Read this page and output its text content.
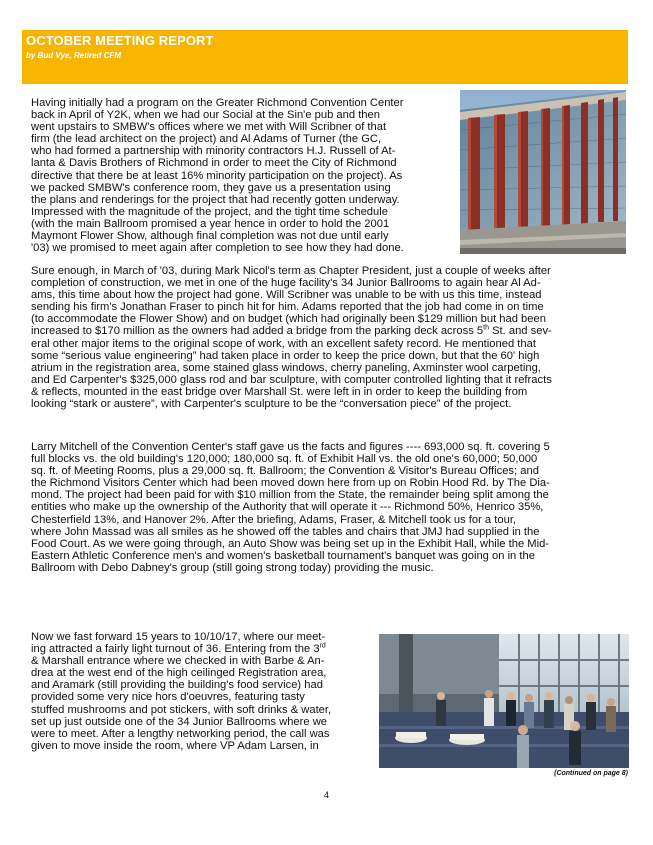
OCTOBER MEETING REPORT
by Bud Vye, Retired CFM

Having initially had a program on the Greater Richmond Convention Center
back in April of Y2K, when we had our Social at the Sin'e pub and then
went upstairs to SMBW's offices where we met with Will Scribner of that
firm (the lead architect on the project) and Al Adams of Turner (the GC,
who had formed a partnership with minority contractors H.J. Russell of At-
lanta & Davis Brothers of Richmond in order to meet the City of Richmond
directive that there be at least 16% minority participation on the project). As
we packed SMBW's conference room, they gave us a presentation using
the plans and renderings for the project that had recently gotten underway.
Impressed with the magnitude of the project, and the tight time schedule
(with the main Ballroom promised a year hence in order to hold the 2001
Maymont Flower Show, although final completion was not due until early
'03) we promised to meet again after completion to see how they had done.

Sure enough, in March of '03, during Mark Nicol's term as Chapter President, just a couple of weeks after
completion of construction, we met in one of the huge facility's 34 Junior Ballrooms to again hear Al Ad-
ams, this time about how the project had gone. Will Scribner was unable to be with us this time, instead
sending his firm's Jonathan Fraser to pinch hit for him. Adams reported that the job had come in on time
(to accommodate the Flower Show) and on budget (which had originally been $129 million but had been
increased to $170 million as the owners had added a bridge from the parking deck across 5th St. and sev-
eral other major items to the original scope of work, with an excellent safety record. He mentioned that
some “serious value engineering” had taken place in order to keep the price down, but that the 60' high
atrium in the registration area, some stained glass windows, cherry paneling, Axminster wool carpeting,
and Ed Carpenter's $325,000 glass rod and bar sculpture, with computer controlled lighting that it refracts
& reflects, mounted in the east bridge over Marshall St. were left in in order to keep the building from
looking “stark or austere”, with Carpenter's sculpture to be the “conversation piece” of the project.

Larry Mitchell of the Convention Center's staff gave us the facts and figures ---- 693,000 sq. ft. covering 5
full blocks vs. the old building's 120,000; 180,000 sq. ft. of Exhibit Hall vs. the old one's 60,000; 50,000
sq. ft. of Meeting Rooms, plus a 29,000 sq. ft. Ballroom; the Convention & Visitor's Bureau Offices; and
the Richmond Visitors Center which had been moved down here from up on Robin Hood Rd. by The Dia-
mond. The project had been paid for with $10 million from the State, the remainder being split among the
entities who make up the ownership of the Authority that will operate it --- Richmond 50%, Henrico 35%,
Chesterfield 13%, and Hanover 2%. After the briefing, Adams, Fraser, & Mitchell took us for a tour,
where John Massad was all smiles as he showed off the tables and chairs that JMJ had supplied in the
Food Court. As we were going through, an Auto Show was being set up in the Exhibit Hall, while the Mid-
Eastern Athletic Conference men's and women's basketball tournament's banquet was going on in the
Ballroom with Debo Dabney's group (still going strong today) providing the music.

Now we fast forward 15 years to 10/10/17, where our meet-
ing attracted a fairly light turnout of 36. Entering from the 3rd
& Marshall entrance where we checked in with Barbe & An-
drea at the west end of the high ceilinged Registration area,
and Aramark (still providing the building's food service) had
provided some very nice hors d'oeuvres, featuring tasty
stuffed mushrooms and pot stickers, with soft drinks & water,
set up just outside one of the 34 Junior Ballrooms where we
were to meet. After a lengthy networking period, the call was
given to move inside the room, where VP Adam Larsen, in

(Continued on page 8)
4
